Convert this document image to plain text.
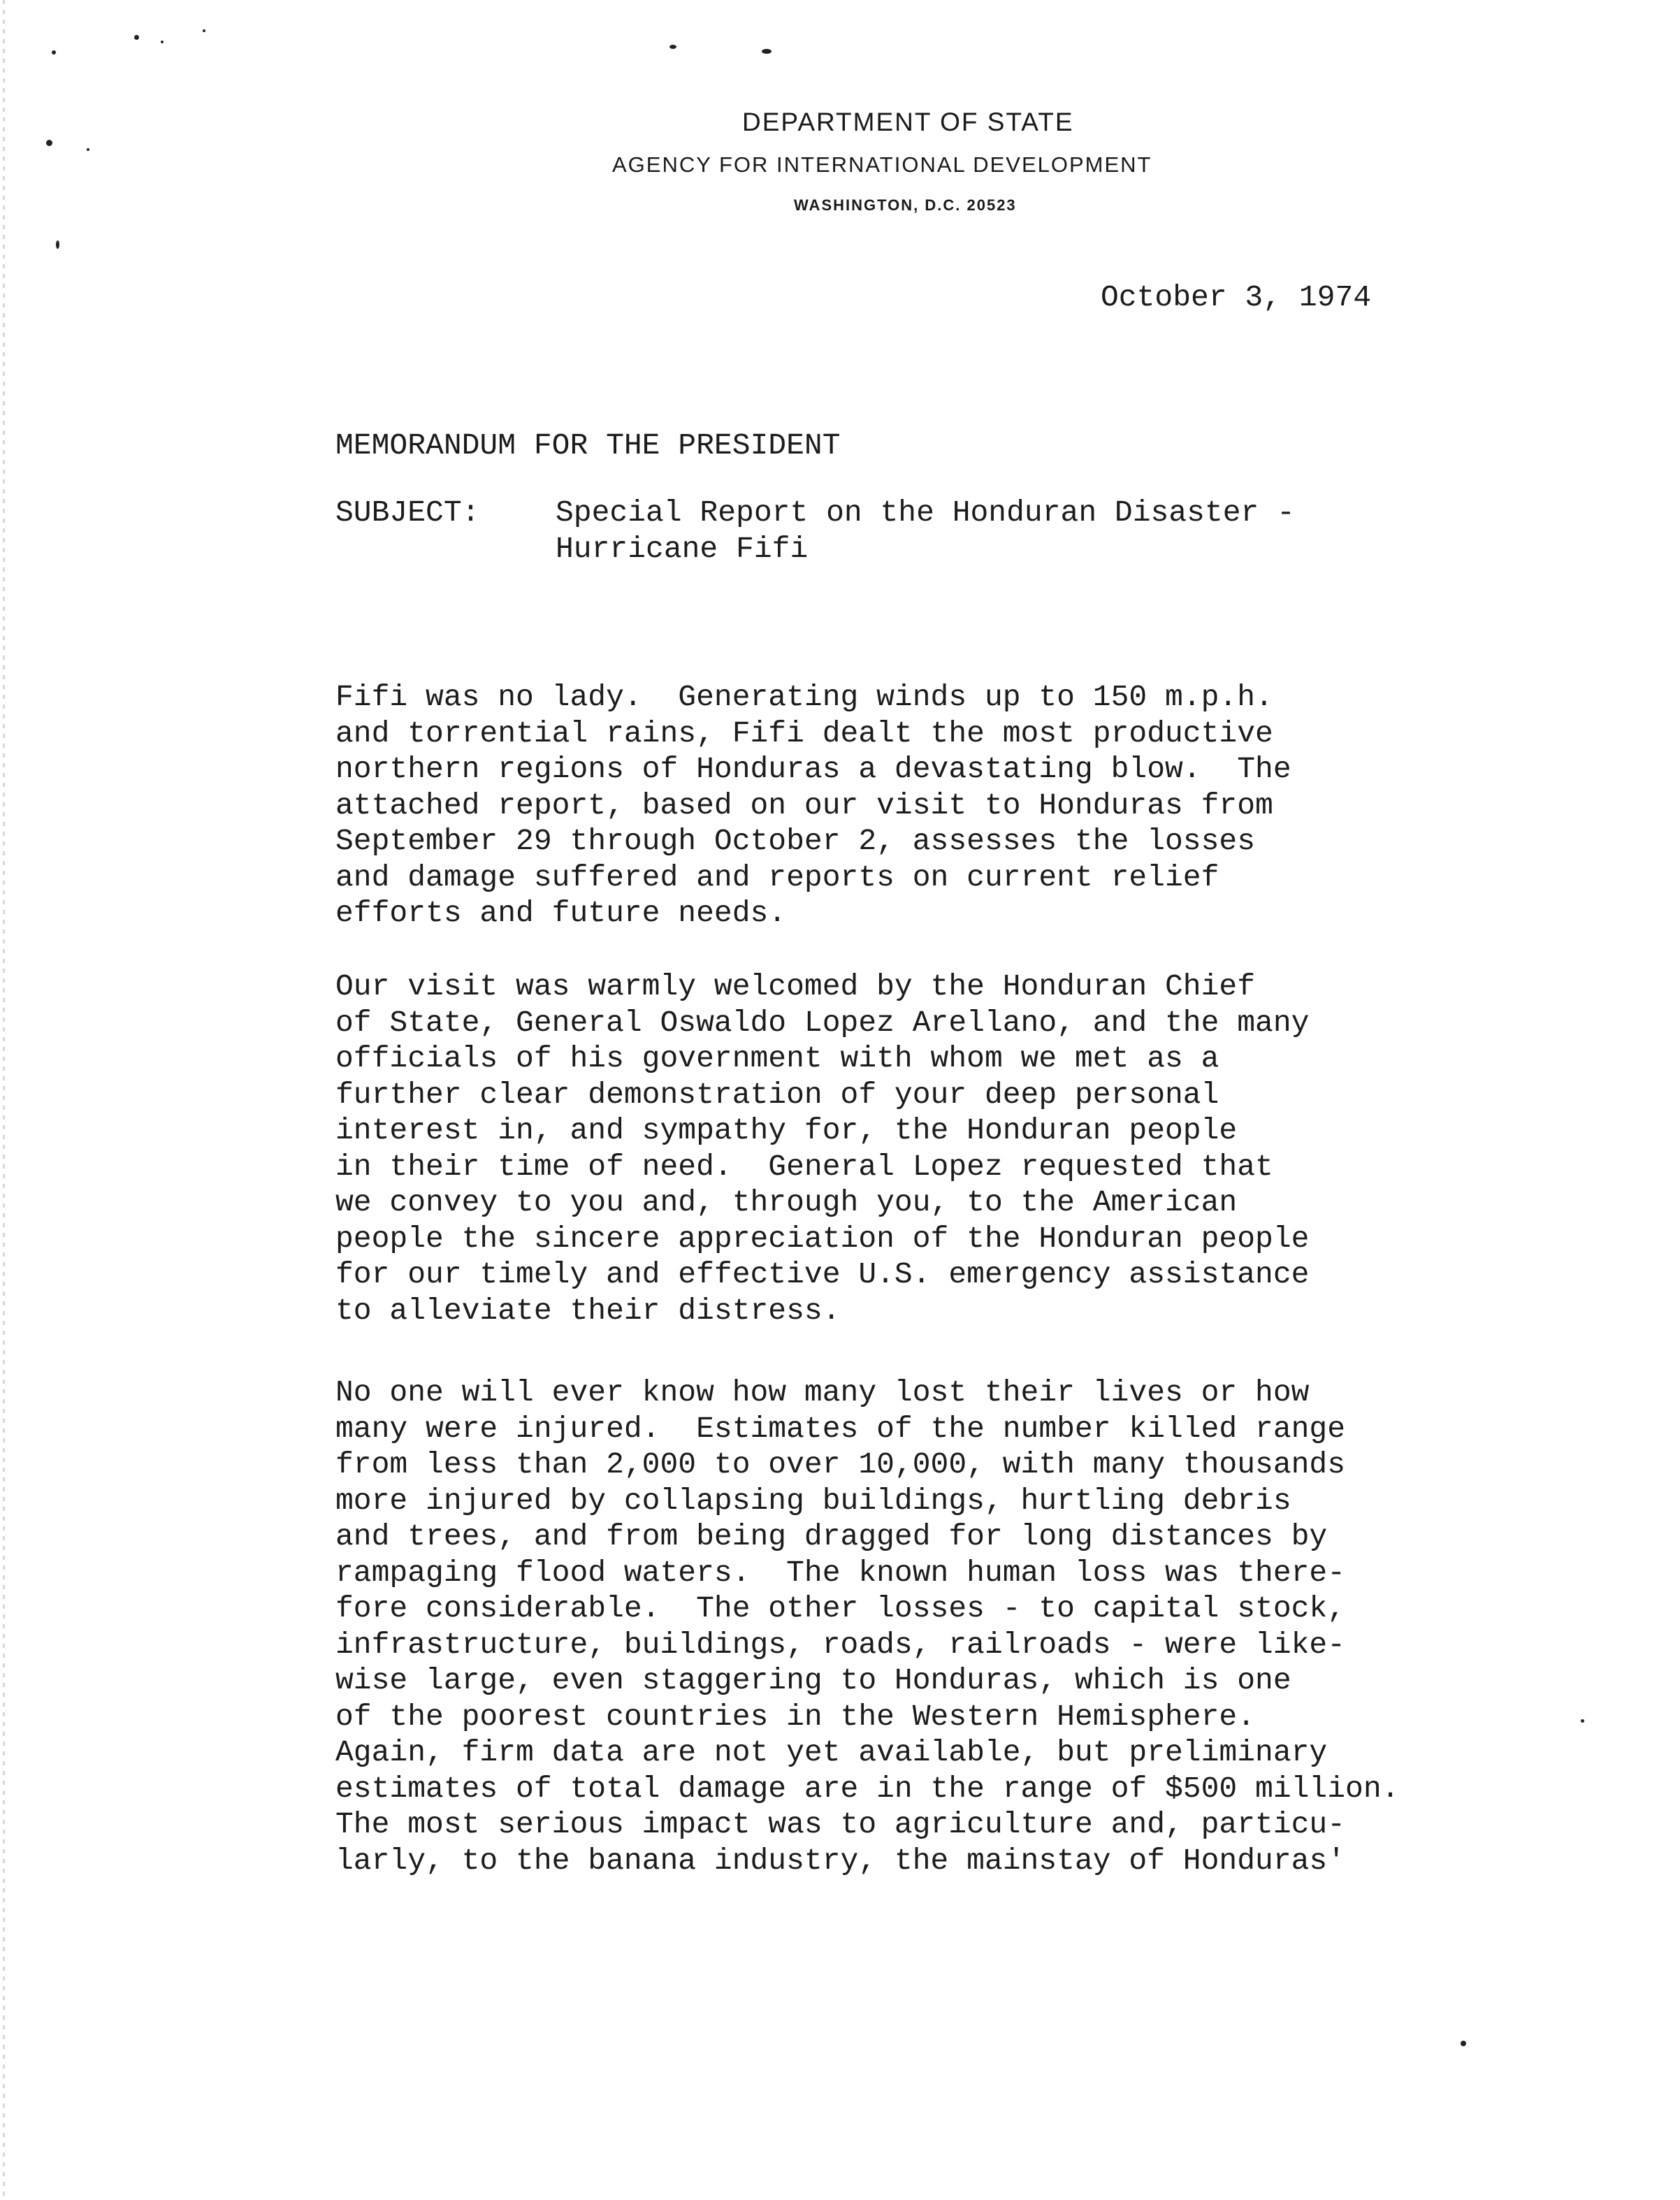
DEPARTMENT OF STATE
AGENCY FOR INTERNATIONAL DEVELOPMENT
WASHINGTON, D.C. 20523
October 3, 1974
MEMORANDUM FOR THE PRESIDENT
SUBJECT:	Special Report on the Honduran Disaster -
Hurricane Fifi
Fifi was no lady.  Generating winds up to 150 m.p.h.
and torrential rains, Fifi dealt the most productive
northern regions of Honduras a devastating blow.  The
attached report, based on our visit to Honduras from
September 29 through October 2, assesses the losses
and damage suffered and reports on current relief
efforts and future needs.
Our visit was warmly welcomed by the Honduran Chief
of State, General Oswaldo Lopez Arellano, and the many
officials of his government with whom we met as a
further clear demonstration of your deep personal
interest in, and sympathy for, the Honduran people
in their time of need.  General Lopez requested that
we convey to you and, through you, to the American
people the sincere appreciation of the Honduran people
for our timely and effective U.S. emergency assistance
to alleviate their distress.
No one will ever know how many lost their lives or how
many were injured.  Estimates of the number killed range
from less than 2,000 to over 10,000, with many thousands
more injured by collapsing buildings, hurtling debris
and trees, and from being dragged for long distances by
rampaging flood waters.  The known human loss was there-
fore considerable.  The other losses - to capital stock,
infrastructure, buildings, roads, railroads - were like-
wise large, even staggering to Honduras, which is one
of the poorest countries in the Western Hemisphere.
Again, firm data are not yet available, but preliminary
estimates of total damage are in the range of $500 million.
The most serious impact was to agriculture and, particu-
larly, to the banana industry, the mainstay of Honduras'
